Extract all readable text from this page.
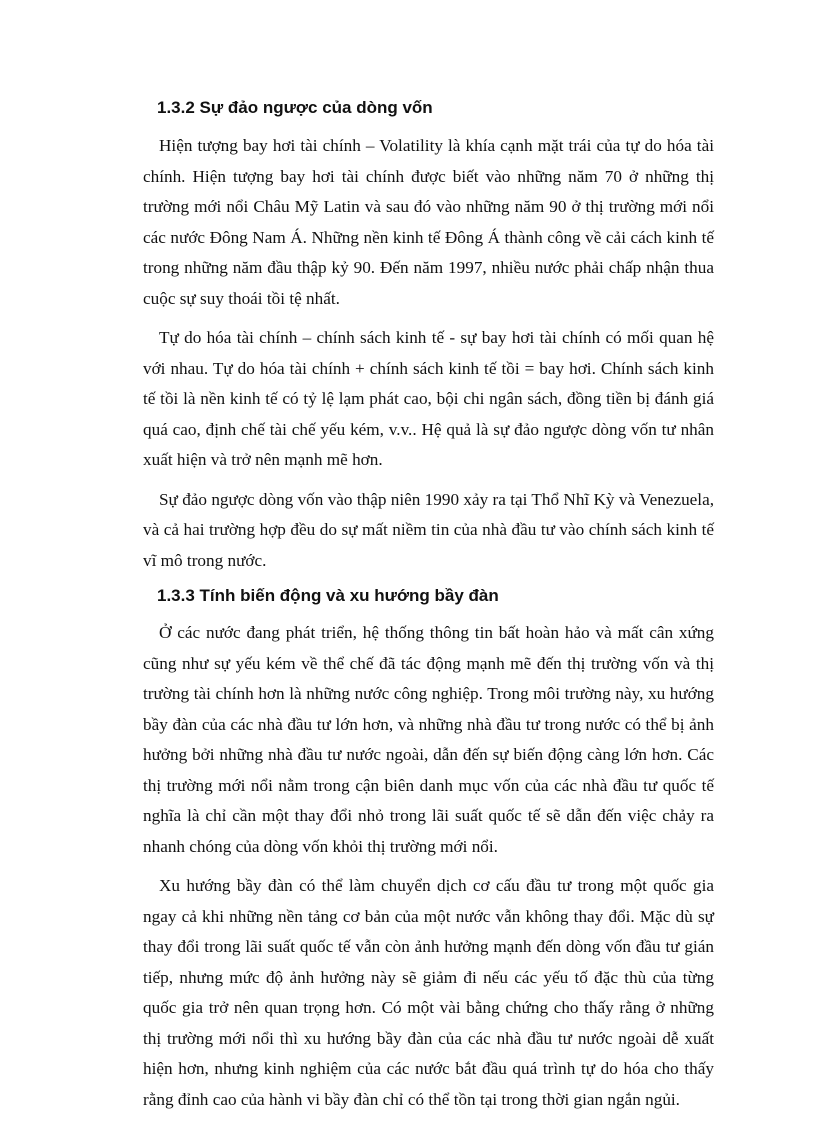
1.3.2 Sự đảo ngược của dòng vốn

Hiện tượng bay hơi tài chính – Volatility là khía cạnh mặt trái của tự do hóa tài chính. Hiện tượng bay hơi tài chính được biết vào những năm 70 ở những thị trường mới nổi Châu Mỹ Latin và sau đó vào những năm 90 ở thị trường mới nổi các nước Đông Nam Á. Những nền kinh tế Đông Á thành công về cải cách kinh tế trong những năm đầu thập kỷ 90. Đến năm 1997, nhiều nước phải chấp nhận thua cuộc sự suy thoái tồi tệ nhất.

Tự do hóa tài chính – chính sách kinh tế - sự bay hơi tài chính có mối quan hệ với nhau. Tự do hóa tài chính + chính sách kinh tế tồi = bay hơi. Chính sách kinh tế tồi là nền kinh tế có tỷ lệ lạm phát cao, bội chi ngân sách, đồng tiền bị đánh giá quá cao, định chế tài chế yếu kém, v.v.. Hệ quả là sự đảo ngược dòng vốn tư nhân xuất hiện và trở nên mạnh mẽ hơn.

Sự đảo ngược dòng vốn vào thập niên 1990 xảy ra tại Thổ Nhĩ Kỳ và Venezuela, và cả hai trường hợp đều do sự mất niềm tin của nhà đầu tư vào chính sách kinh tế vĩ mô trong nước.

1.3.3 Tính biến động và xu hướng bầy đàn

Ở các nước đang phát triển, hệ thống thông tin bất hoàn hảo và mất cân xứng cũng như sự yếu kém về thể chế đã tác động mạnh mẽ đến thị trường vốn và thị trường tài chính hơn là những nước công nghiệp. Trong môi trường này, xu hướng bầy đàn của các nhà đầu tư lớn hơn, và những nhà đầu tư trong nước có thể bị ảnh hưởng bởi những nhà đầu tư nước ngoài, dẫn đến sự biến động càng lớn hơn. Các thị trường mới nổi nằm trong cận biên danh mục vốn của các nhà đầu tư quốc tế nghĩa là chỉ cần một thay đổi nhỏ trong lãi suất quốc tế sẽ dẫn đến việc chảy ra nhanh chóng của dòng vốn khỏi thị trường mới nổi.

Xu hướng bầy đàn có thể làm chuyển dịch cơ cấu đầu tư trong một quốc gia ngay cả khi những nền tảng cơ bản của một nước vẫn không thay đổi. Mặc dù sự thay đổi trong lãi suất quốc tế vẫn còn ảnh hưởng mạnh đến dòng vốn đầu tư gián tiếp, nhưng mức độ ảnh hưởng này sẽ giảm đi nếu các yếu tố đặc thù của từng quốc gia trở nên quan trọng hơn. Có một vài bằng chứng cho thấy rằng ở những thị trường mới nổi thì xu hướng bầy đàn của các nhà đầu tư nước ngoài dễ xuất hiện hơn, nhưng kinh nghiệm của các nước bắt đầu quá trình tự do hóa cho thấy rằng đỉnh cao của hành vi bầy đàn chỉ có thể tồn tại trong thời gian ngắn ngủi.
